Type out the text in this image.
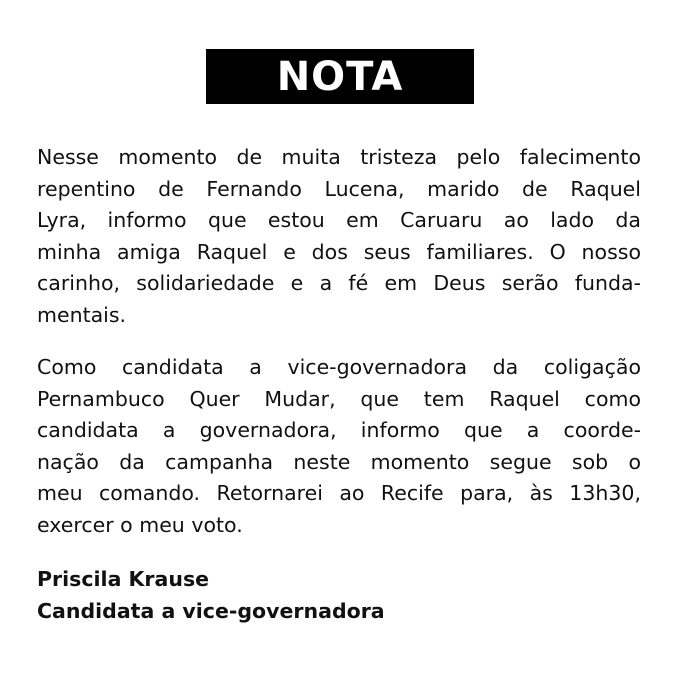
NOTA

Nesse momento de muita tristeza pelo falecimento
repentino de Fernando Lucena, marido de Raquel
Lyra, informo que estou em Caruaru ao lado da
minha amiga Raquel e dos seus familiares. O nosso
carinho, solidariedade e a fé em Deus serão funda-
mentais.

Como candidata a vice-governadora da coligação
Pernambuco Quer Mudar, que tem Raquel como
candidata a governadora, informo que a coorde-
nação da campanha neste momento segue sob o
meu comando. Retornarei ao Recife para, às 13h30,
exercer o meu voto.

Priscila Krause
Candidata a vice-governadora
